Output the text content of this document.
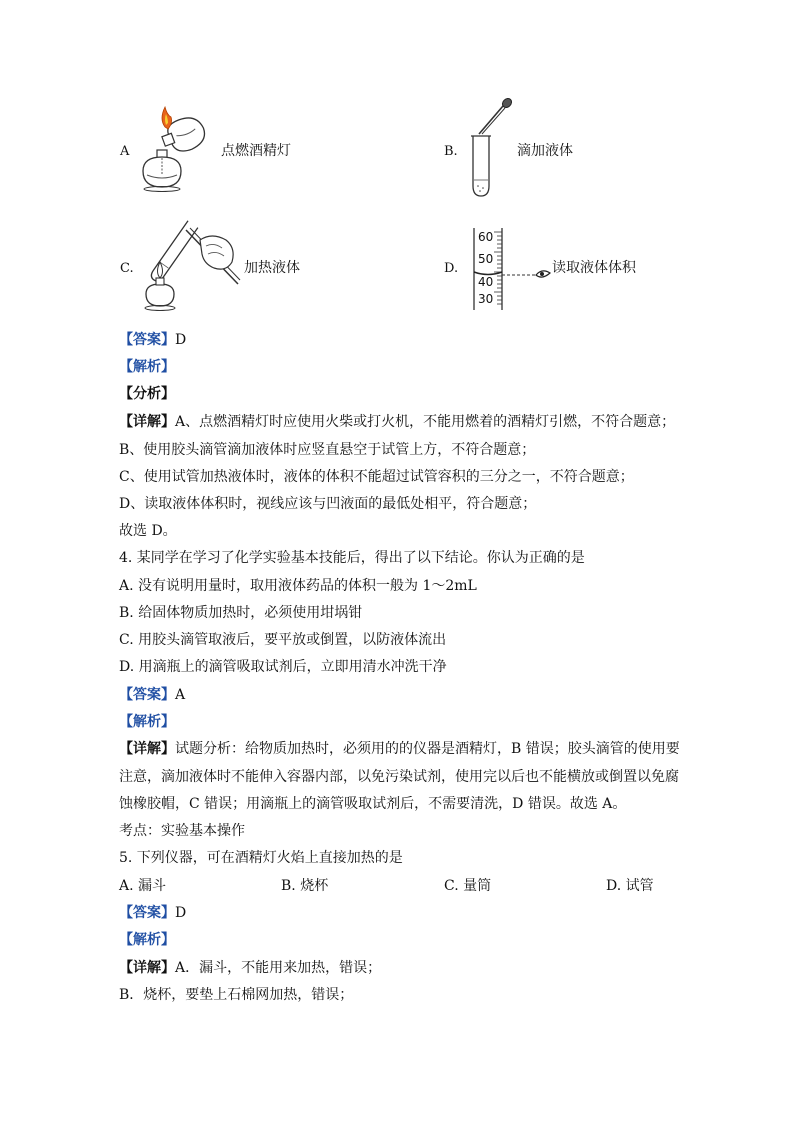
A	点燃酒精灯	B.	滴加液体
C.	加热液体	D.
60
50
40
30
读取液体体积
【答案】D
【解析】
【分析】
【详解】A、点燃酒精灯时应使用火柴或打火机，不能用燃着的酒精灯引燃，不符合题意；
B、使用胶头滴管滴加液体时应竖直悬空于试管上方，不符合题意；
C、使用试管加热液体时，液体的体积不能超过试管容积的三分之一，不符合题意；
D、读取液体体积时，视线应该与凹液面的最低处相平，符合题意；
故选 D。
4. 某同学在学习了化学实验基本技能后，得出了以下结论。你认为正确的是
A. 没有说明用量时，取用液体药品的体积一般为 1～2mL
B. 给固体物质加热时，必须使用坩埚钳
C. 用胶头滴管取液后，要平放或倒置，以防液体流出
D. 用滴瓶上的滴管吸取试剂后，立即用清水冲洗干净
【答案】A
【解析】
【详解】试题分析：给物质加热时，必须用的的仪器是酒精灯，B 错误；胶头滴管的使用要
注意，滴加液体时不能伸入容器内部，以免污染试剂，使用完以后也不能横放或倒置以免腐
蚀橡胶帽，C 错误；用滴瓶上的滴管吸取试剂后，不需要清洗，D 错误。故选 A。
考点：实验基本操作
5. 下列仪器，可在酒精灯火焰上直接加热的是
A. 漏斗	B. 烧杯	C. 量筒	D. 试管
【答案】D
【解析】
【详解】A．漏斗，不能用来加热，错误；
B．烧杯，要垫上石棉网加热，错误；
